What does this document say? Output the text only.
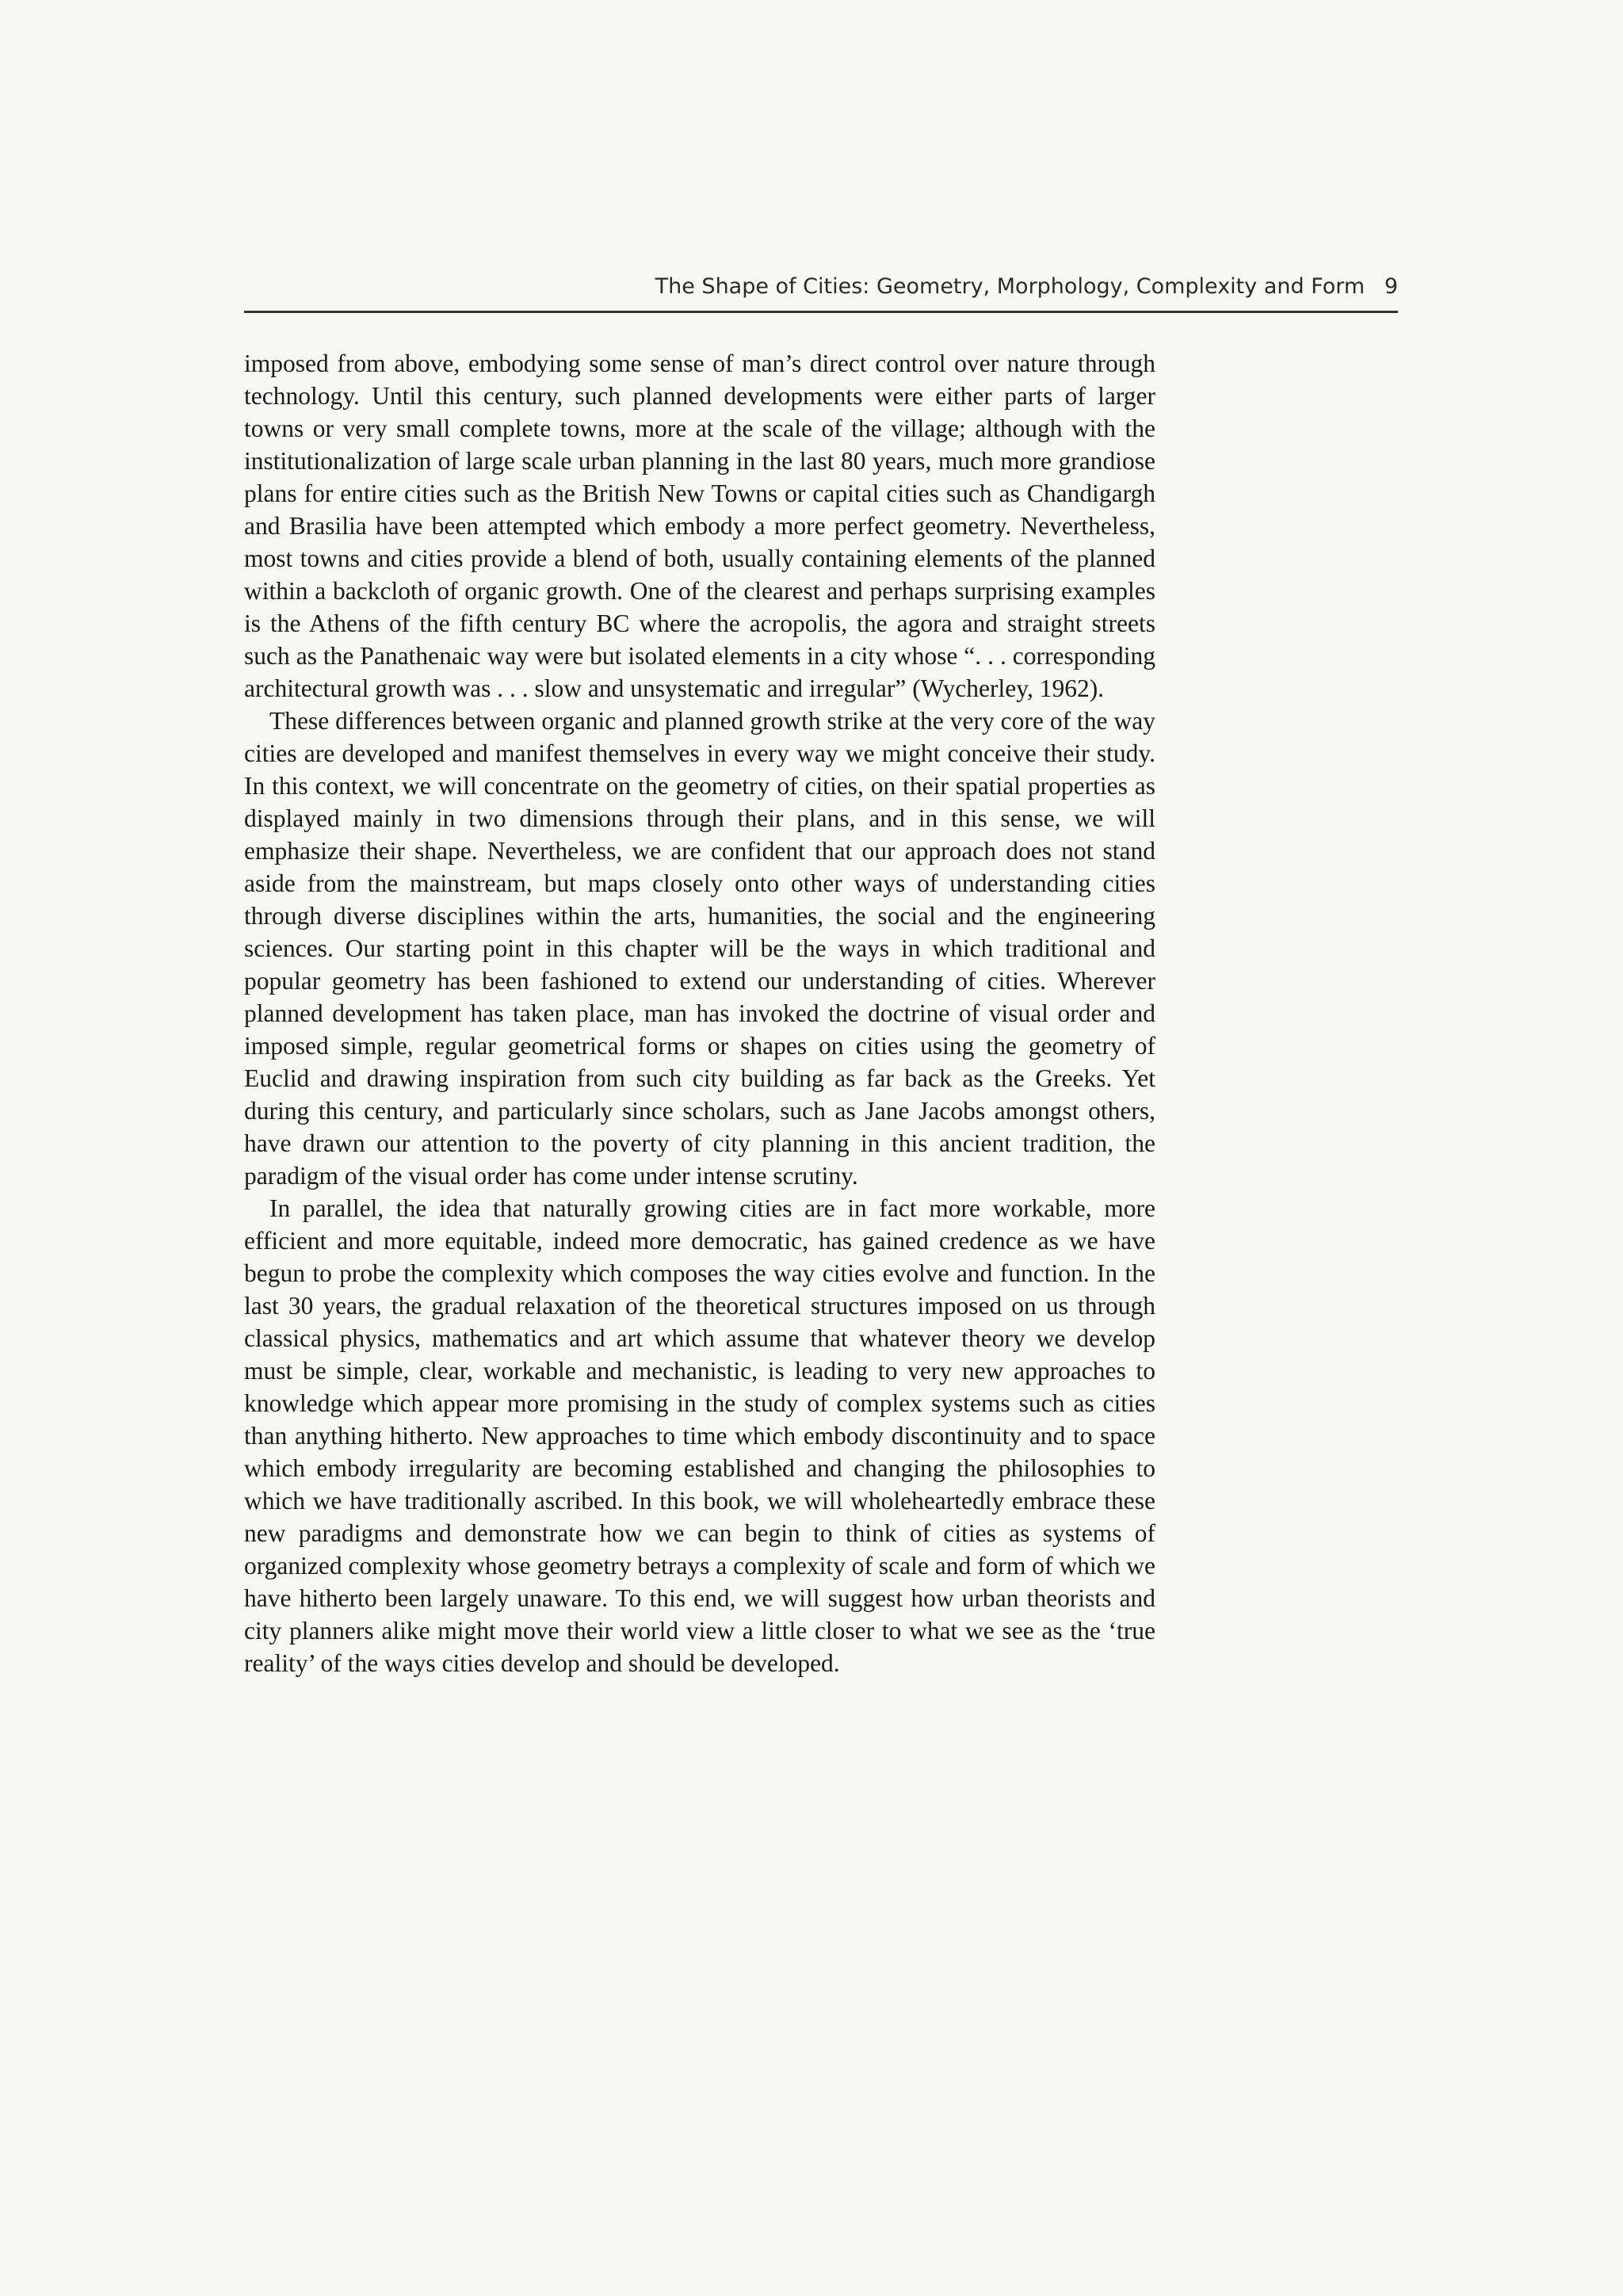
The Shape of Cities: Geometry, Morphology, Complexity and Form 9

imposed from above, embodying some sense of man’s direct control over nature through technology. Until this century, such planned developments were either parts of larger towns or very small complete towns, more at the scale of the village; although with the institutionalization of large scale urban planning in the last 80 years, much more grandiose plans for entire cities such as the British New Towns or capital cities such as Chandigargh and Brasilia have been attempted which embody a more perfect geometry. Nevertheless, most towns and cities provide a blend of both, usually containing elements of the planned within a backcloth of organic growth. One of the clearest and perhaps surprising examples is the Athens of the fifth century BC where the acropolis, the agora and straight streets such as the Panathenaic way were but isolated elements in a city whose “. . . corresponding architectural growth was . . . slow and unsystematic and irregular” (Wycherley, 1962).

These differences between organic and planned growth strike at the very core of the way cities are developed and manifest themselves in every way we might conceive their study. In this context, we will concentrate on the geometry of cities, on their spatial properties as displayed mainly in two dimensions through their plans, and in this sense, we will emphasize their shape. Nevertheless, we are confident that our approach does not stand aside from the mainstream, but maps closely onto other ways of understanding cities through diverse disciplines within the arts, humanities, the social and the engineering sciences. Our starting point in this chapter will be the ways in which traditional and popular geometry has been fashioned to extend our understanding of cities. Wherever planned development has taken place, man has invoked the doctrine of visual order and imposed simple, regular geometrical forms or shapes on cities using the geometry of Euclid and drawing inspiration from such city building as far back as the Greeks. Yet during this century, and particularly since scholars, such as Jane Jacobs amongst others, have drawn our attention to the poverty of city planning in this ancient tradition, the paradigm of the visual order has come under intense scrutiny.

In parallel, the idea that naturally growing cities are in fact more workable, more efficient and more equitable, indeed more democratic, has gained credence as we have begun to probe the complexity which composes the way cities evolve and function. In the last 30 years, the gradual relaxation of the theoretical structures imposed on us through classical physics, mathematics and art which assume that whatever theory we develop must be simple, clear, workable and mechanistic, is leading to very new approaches to knowledge which appear more promising in the study of complex systems such as cities than anything hitherto. New approaches to time which embody discontinuity and to space which embody irregularity are becoming established and changing the philosophies to which we have traditionally ascribed. In this book, we will wholeheartedly embrace these new paradigms and demonstrate how we can begin to think of cities as systems of organized complexity whose geometry betrays a complexity of scale and form of which we have hitherto been largely unaware. To this end, we will suggest how urban theorists and city planners alike might move their world view a little closer to what we see as the ‘true reality’ of the ways cities develop and should be developed.
